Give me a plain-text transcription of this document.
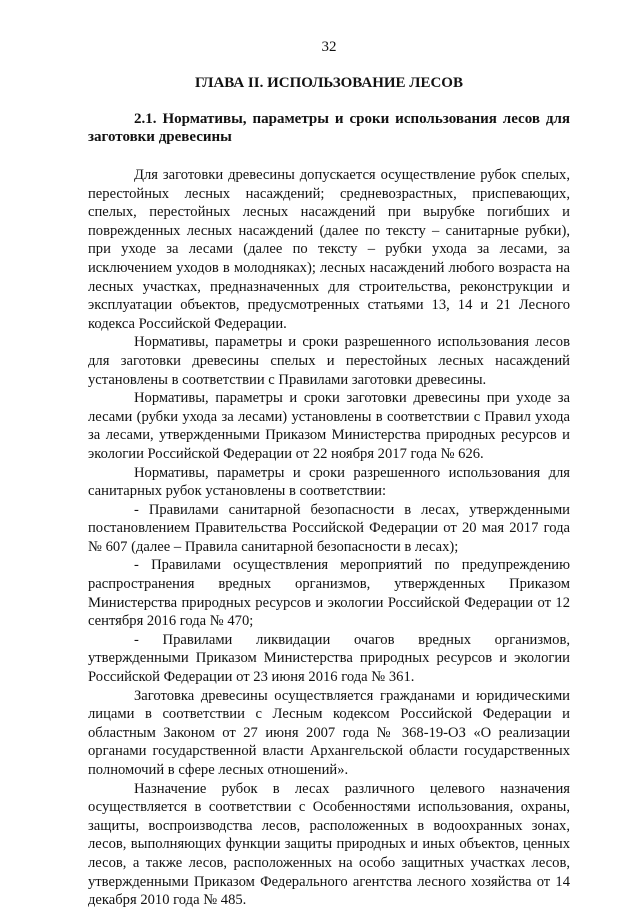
32
ГЛАВА II. ИСПОЛЬЗОВАНИЕ ЛЕСОВ
2.1. Нормативы, параметры и сроки использования лесов для заготовки древесины

Для заготовки древесины допускается осуществление рубок спелых, перестойных лесных насаждений; средневозрастных, приспевающих, спелых, перестойных лесных насаждений при вырубке погибших и поврежденных лесных насаждений (далее по тексту – санитарные рубки), при уходе за лесами (далее по тексту – рубки ухода за лесами, за исключением уходов в молодняках); лесных насаждений любого возраста на лесных участках, предназначенных для строительства, реконструкции и эксплуатации объектов, предусмотренных статьями 13, 14 и 21 Лесного кодекса Российской Федерации.

Нормативы, параметры и сроки разрешенного использования лесов для заготовки древесины спелых и перестойных лесных насаждений установлены в соответствии с Правилами заготовки древесины.

Нормативы, параметры и сроки заготовки древесины при уходе за лесами (рубки ухода за лесами) установлены в соответствии с Правил ухода за лесами, утвержденными Приказом Министерства природных ресурсов и экологии Российской Федерации от 22 ноября 2017 года № 626.

Нормативы, параметры и сроки разрешенного использования для санитарных рубок установлены в соответствии:

- Правилами санитарной безопасности в лесах, утвержденными постановлением Правительства Российской Федерации от 20 мая 2017 года № 607 (далее – Правила санитарной безопасности в лесах);

- Правилами осуществления мероприятий по предупреждению распространения вредных организмов, утвержденных Приказом Министерства природных ресурсов и экологии Российской Федерации от 12 сентября 2016 года № 470;

- Правилами ликвидации очагов вредных организмов, утвержденными Приказом Министерства природных ресурсов и экологии Российской Федерации от 23 июня 2016 года № 361.

Заготовка древесины осуществляется гражданами и юридическими лицами в соответствии с Лесным кодексом Российской Федерации и областным Законом от 27 июня 2007 года № 368-19-ОЗ «О реализации органами государственной власти Архангельской области государственных полномочий в сфере лесных отношений».

Назначение рубок в лесах различного целевого назначения осуществляется в соответствии с Особенностями использования, охраны, защиты, воспроизводства лесов, расположенных в водоохранных зонах, лесов, выполняющих функции защиты природных и иных объектов, ценных лесов, а также лесов, расположенных на особо защитных участках лесов, утвержденными Приказом Федерального агентства лесного хозяйства от 14 декабря 2010 года № 485.
